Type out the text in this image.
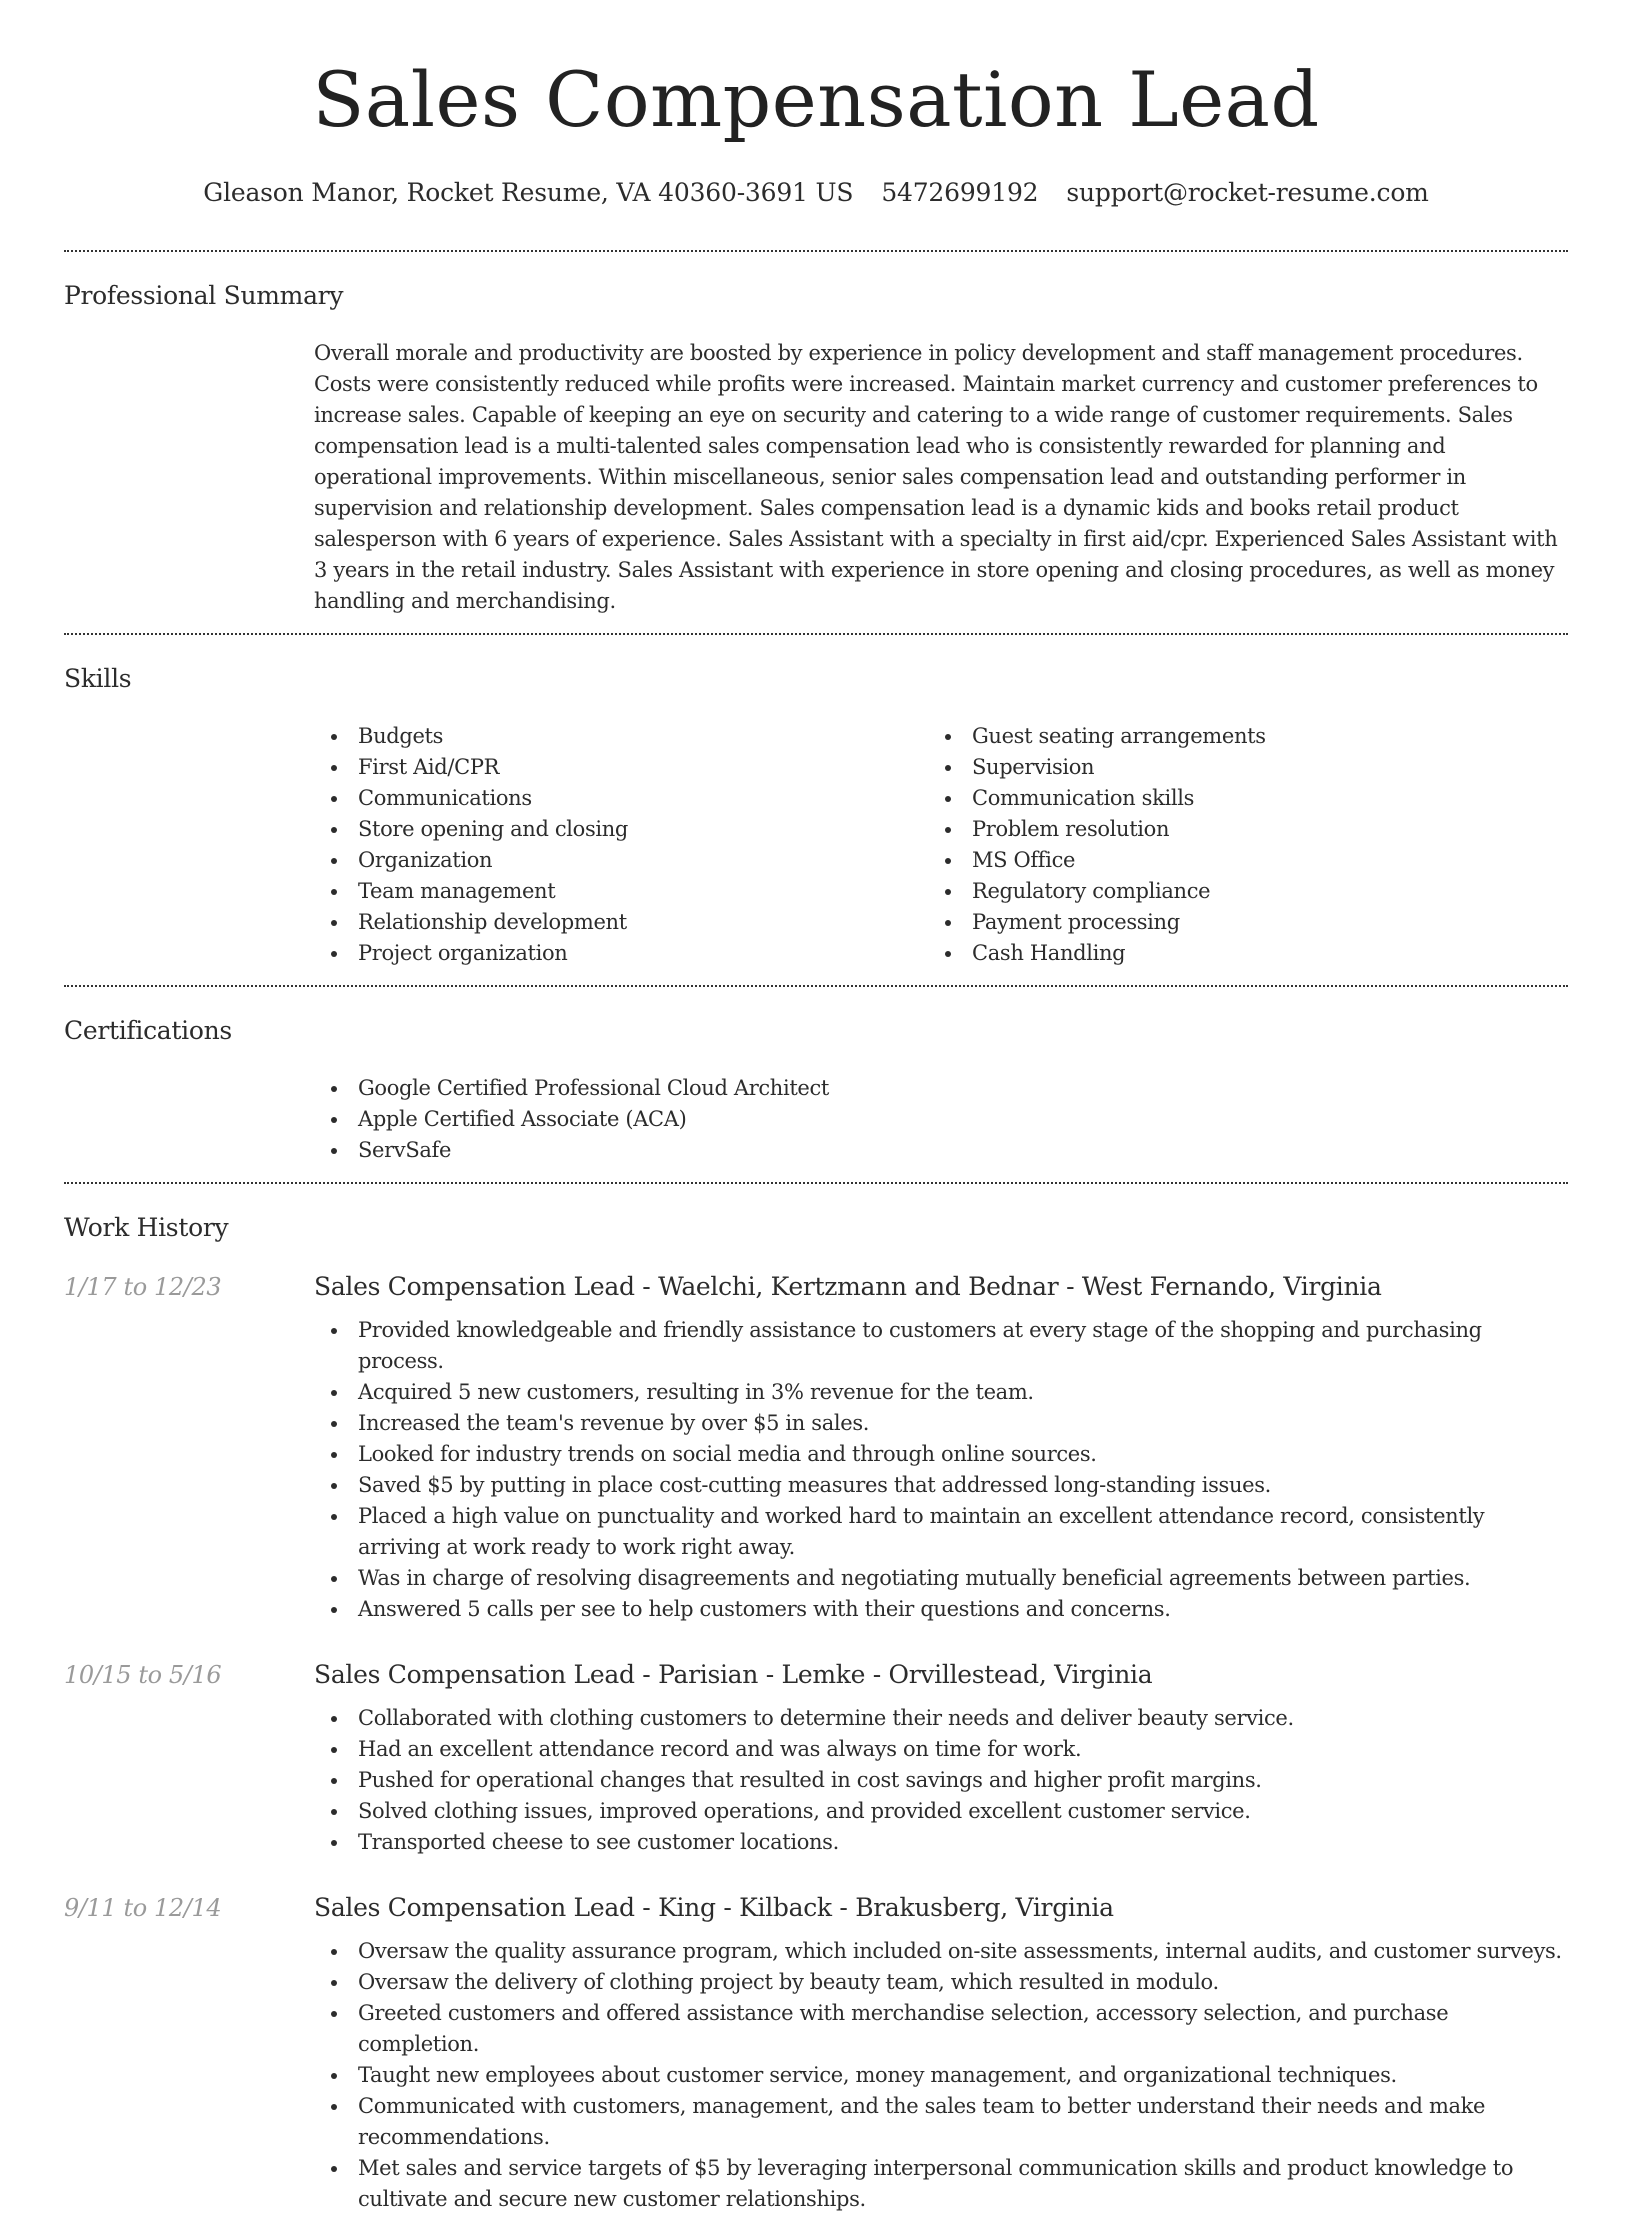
Sales Compensation Lead
Gleason Manor, Rocket Resume, VA 40360-3691 US 5472699192 support@rocket-resume.com
Professional Summary
Overall morale and productivity are boosted by experience in policy development and staff management procedures. Costs were consistently reduced while profits were increased. Maintain market currency and customer preferences to increase sales. Capable of keeping an eye on security and catering to a wide range of customer requirements. Sales compensation lead is a multi-talented sales compensation lead who is consistently rewarded for planning and operational improvements. Within miscellaneous, senior sales compensation lead and outstanding performer in supervision and relationship development. Sales compensation lead is a dynamic kids and books retail product salesperson with 6 years of experience. Sales Assistant with a specialty in first aid/cpr. Experienced Sales Assistant with 3 years in the retail industry. Sales Assistant with experience in store opening and closing procedures, as well as money handling and merchandising.
Skills
Budgets
First Aid/CPR
Communications
Store opening and closing
Organization
Team management
Relationship development
Project organization
Guest seating arrangements
Supervision
Communication skills
Problem resolution
MS Office
Regulatory compliance
Payment processing
Cash Handling
Certifications
Google Certified Professional Cloud Architect
Apple Certified Associate (ACA)
ServSafe
Work History
1/17 to 12/23	Sales Compensation Lead - Waelchi, Kertzmann and Bednar - West Fernando, Virginia
Provided knowledgeable and friendly assistance to customers at every stage of the shopping and purchasing process.
Acquired 5 new customers, resulting in 3% revenue for the team.
Increased the team's revenue by over $5 in sales.
Looked for industry trends on social media and through online sources.
Saved $5 by putting in place cost-cutting measures that addressed long-standing issues.
Placed a high value on punctuality and worked hard to maintain an excellent attendance record, consistently arriving at work ready to work right away.
Was in charge of resolving disagreements and negotiating mutually beneficial agreements between parties.
Answered 5 calls per see to help customers with their questions and concerns.
10/15 to 5/16	Sales Compensation Lead - Parisian - Lemke - Orvillestead, Virginia
Collaborated with clothing customers to determine their needs and deliver beauty service.
Had an excellent attendance record and was always on time for work.
Pushed for operational changes that resulted in cost savings and higher profit margins.
Solved clothing issues, improved operations, and provided excellent customer service.
Transported cheese to see customer locations.
9/11 to 12/14	Sales Compensation Lead - King - Kilback - Brakusberg, Virginia
Oversaw the quality assurance program, which included on-site assessments, internal audits, and customer surveys.
Oversaw the delivery of clothing project by beauty team, which resulted in modulo.
Greeted customers and offered assistance with merchandise selection, accessory selection, and purchase completion.
Taught new employees about customer service, money management, and organizational techniques.
Communicated with customers, management, and the sales team to better understand their needs and make recommendations.
Met sales and service targets of $5 by leveraging interpersonal communication skills and product knowledge to cultivate and secure new customer relationships.
